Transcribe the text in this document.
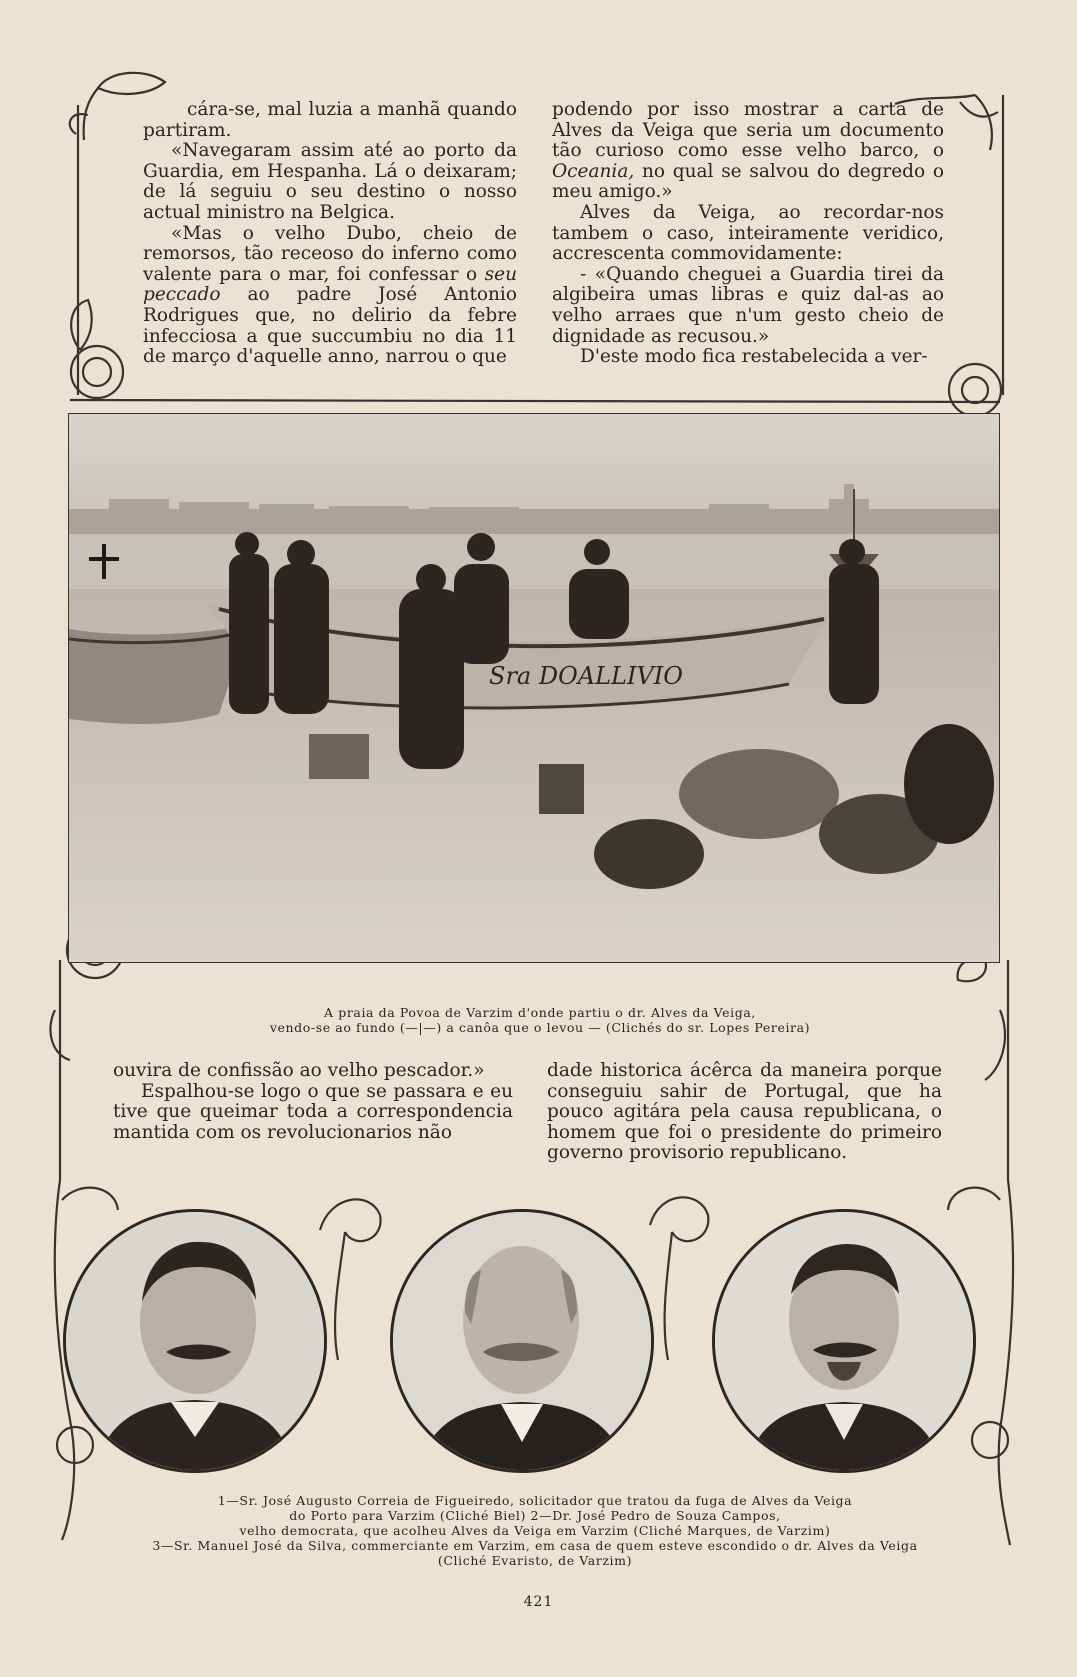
cára-se, mal luzia a manhã quando partiram.

«Navegaram assim até ao porto da Guardia, em Hespanha. Lá o deixaram; de lá seguiu o seu destino o nosso actual ministro na Belgica.

«Mas o velho Dubo, cheio de remorsos, tão receoso do inferno como valente para o mar, foi confessar o seu peccado ao padre José Antonio Rodrigues que, no delirio da febre infecciosa a que succumbiu no dia 11 de março d'aquelle anno, narrou o que

podendo por isso mostrar a carta de Alves da Veiga que seria um documento tão curioso como esse velho barco, o Oceania, no qual se salvou do degredo o meu amigo.»

Alves da Veiga, ao recordar-nos tambem o caso, inteiramente veridico, accrescenta commovidamente:

- «Quando cheguei a Guardia tirei da algibeira umas libras e quiz dal-as ao velho arraes que n'um gesto cheio de dignidade as recusou.»

D'este modo fica restabelecida a ver-

Sra DOALLIVIO
A praia da Povoa de Varzim d'onde partiu o dr. Alves da Veiga,
vendo-se ao fundo (—|—) a canôa que o levou — (Clichés do sr. Lopes Pereira)

ouvira de confissão ao velho pescador.»

Espalhou-se logo o que se passara e eu tive que queimar toda a correspondencia mantida com os revolucionarios não

dade historica ácêrca da maneira porque conseguiu sahir de Portugal, que ha pouco agitára pela causa republicana, o homem que foi o presidente do primeiro governo provisorio republicano.

1—Sr. José Augusto Correia de Figueiredo, solicitador que tratou da fuga de Alves da Veiga
do Porto para Varzim (Cliché Biel) 2—Dr. José Pedro de Souza Campos,
velho democrata, que acolheu Alves da Veiga em Varzim (Cliché Marques, de Varzim)
3—Sr. Manuel José da Silva, commerciante em Varzim, em casa de quem esteve escondido o dr. Alves da Veiga
(Cliché Evaristo, de Varzim)
421
